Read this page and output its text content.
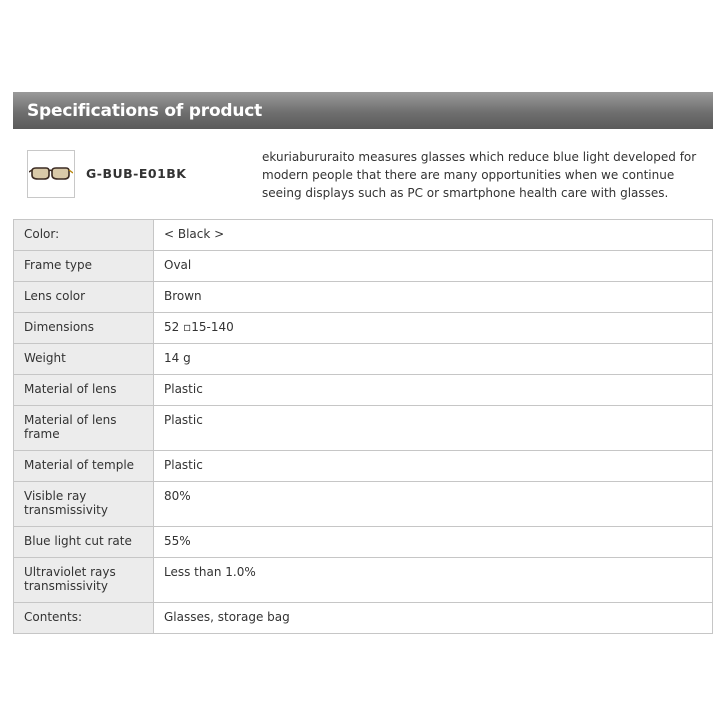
Specifications of product
G-BUB-E01BK
ekuriabururaito measures glasses which reduce blue light developed for modern people that there are many opportunities when we continue seeing displays such as PC or smartphone health care with glasses.
Color:	< Black >
Frame type	Oval
Lens color	Brown
Dimensions	52 ▫15-140
Weight	14 g
Material of lens	Plastic
Material of lens frame	Plastic
Material of temple	Plastic
Visible ray transmissivity	80%
Blue light cut rate	55%
Ultraviolet rays transmissivity	Less than 1.0%
Contents:	Glasses, storage bag
